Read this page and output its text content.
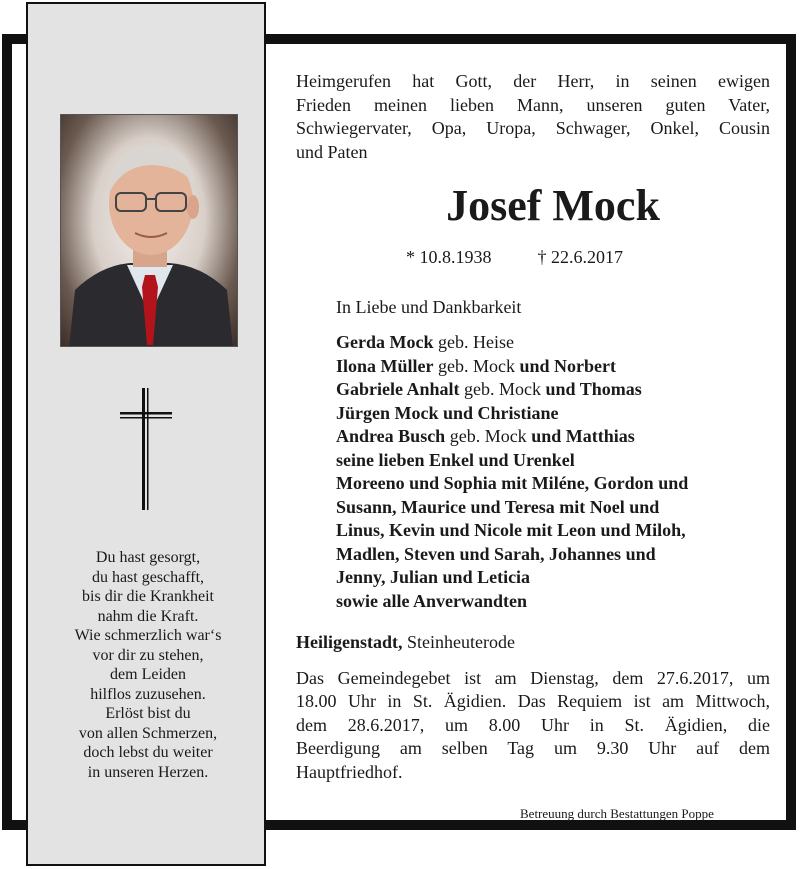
Du hast gesorgt,
du hast geschafft,
bis dir die Krankheit
nahm die Kraft.
Wie schmerzlich war‘s
vor dir zu stehen,
dem Leiden
hilflos zuzusehen.
Erlöst bist du
von allen Schmerzen,
doch lebst du weiter
in unseren Herzen.
Heimgerufen hat Gott, der Herr, in seinen ewigen
Frieden meinen lieben Mann, unseren guten Vater,
Schwiegervater, Opa, Uropa, Schwager, Onkel, Cousin
und Paten
Josef Mock
* 10.8.1938	† 22.6.2017
In Liebe und Dankbarkeit
Gerda Mock geb. Heise
Ilona Müller geb. Mock und Norbert
Gabriele Anhalt geb. Mock und Thomas
Jürgen Mock und Christiane
Andrea Busch geb. Mock und Matthias
seine lieben Enkel und Urenkel
Moreeno und Sophia mit Miléne, Gordon und
Susann, Maurice und Teresa mit Noel und
Linus, Kevin und Nicole mit Leon und Miloh,
Madlen, Steven und Sarah, Johannes und
Jenny, Julian und Leticia
sowie alle Anverwandten
Heiligenstadt, Steinheuterode
Das Gemeindegebet ist am Dienstag, dem 27.6.2017, um
18.00 Uhr in St. Ägidien. Das Requiem ist am Mittwoch,
dem 28.6.2017, um 8.00 Uhr in St. Ägidien, die
Beerdigung am selben Tag um 9.30 Uhr auf dem
Hauptfriedhof.
Betreuung durch Bestattungen Poppe
